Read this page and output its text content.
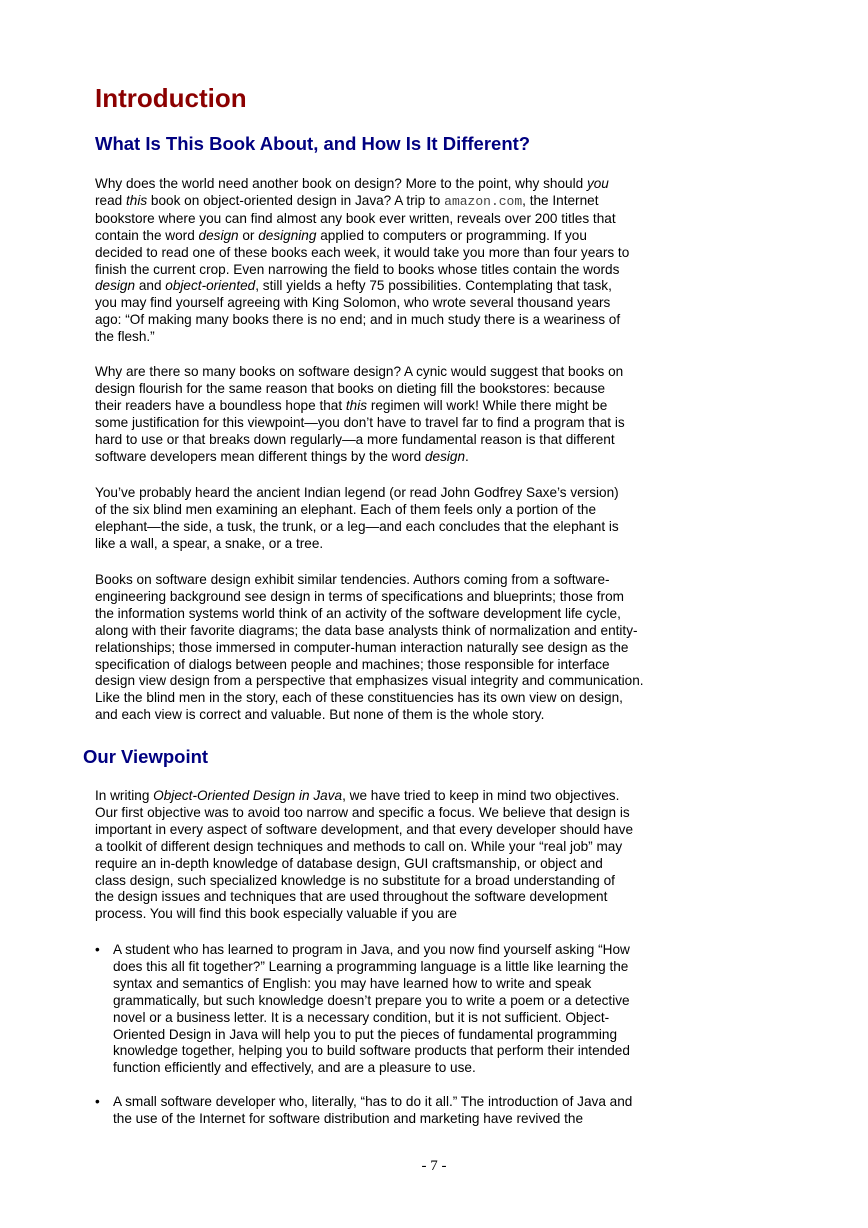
Introduction
What Is This Book About, and How Is It Different?

Why does the world need another book on design? More to the point, why should you
read this book on object-oriented design in Java? A trip to amazon.com, the Internet
bookstore where you can find almost any book ever written, reveals over 200 titles that
contain the word design or designing applied to computers or programming. If you
decided to read one of these books each week, it would take you more than four years to
finish the current crop. Even narrowing the field to books whose titles contain the words
design and object-oriented, still yields a hefty 75 possibilities. Contemplating that task,
you may find yourself agreeing with King Solomon, who wrote several thousand years
ago: “Of making many books there is no end; and in much study there is a weariness of
the flesh.”

Why are there so many books on software design? A cynic would suggest that books on
design flourish for the same reason that books on dieting fill the bookstores: because
their readers have a boundless hope that this regimen will work! While there might be
some justification for this viewpoint—you don’t have to travel far to find a program that is
hard to use or that breaks down regularly—a more fundamental reason is that different
software developers mean different things by the word design.

You’ve probably heard the ancient Indian legend (or read John Godfrey Saxe’s version)
of the six blind men examining an elephant. Each of them feels only a portion of the
elephant—the side, a tusk, the trunk, or a leg—and each concludes that the elephant is
like a wall, a spear, a snake, or a tree.

Books on software design exhibit similar tendencies. Authors coming from a software-
engineering background see design in terms of specifications and blueprints; those from
the information systems world think of an activity of the software development life cycle,
along with their favorite diagrams; the data base analysts think of normalization and entity-
relationships; those immersed in computer-human interaction naturally see design as the
specification of dialogs between people and machines; those responsible for interface
design view design from a perspective that emphasizes visual integrity and communication.
Like the blind men in the story, each of these constituencies has its own view on design,
and each view is correct and valuable. But none of them is the whole story.

Our Viewpoint

In writing Object-Oriented Design in Java, we have tried to keep in mind two objectives.
Our first objective was to avoid too narrow and specific a focus. We believe that design is
important in every aspect of software development, and that every developer should have
a toolkit of different design techniques and methods to call on. While your “real job” may
require an in-depth knowledge of database design, GUI craftsmanship, or object and
class design, such specialized knowledge is no substitute for a broad understanding of
the design issues and techniques that are used throughout the software development
process. You will find this book especially valuable if you are

• A student who has learned to program in Java, and you now find yourself asking “How
does this all fit together?” Learning a programming language is a little like learning the
syntax and semantics of English: you may have learned how to write and speak
grammatically, but such knowledge doesn’t prepare you to write a poem or a detective
novel or a business letter. It is a necessary condition, but it is not sufficient. Object-
Oriented Design in Java will help you to put the pieces of fundamental programming
knowledge together, helping you to build software products that perform their intended
function efficiently and effectively, and are a pleasure to use.
• A small software developer who, literally, “has to do it all.” The introduction of Java and
the use of the Internet for software distribution and marketing have revived the
- 7 -
